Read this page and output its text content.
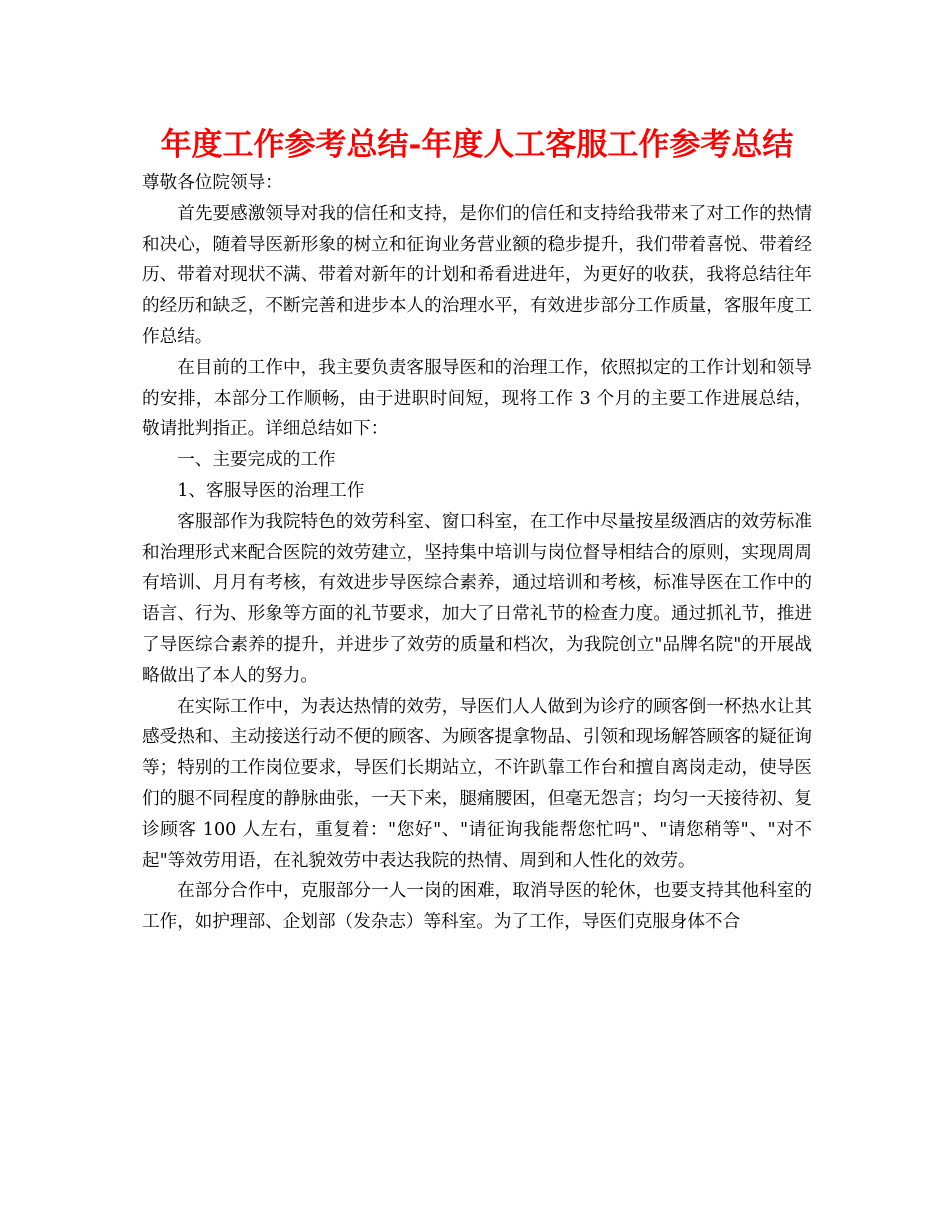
年度工作参考总结-年度人工客服工作参考总结

尊敬各位院领导：

首先要感激领导对我的信任和支持，是你们的信任和支持给我带来了对工作的热情和决心，随着导医新形象的树立和征询业务营业额的稳步提升，我们带着喜悦、带着经历、带着对现状不满、带着对新年的计划和希看进进年，为更好的收获，我将总结往年的经历和缺乏，不断完善和进步本人的治理水平，有效进步部分工作质量，客服年度工作总结。

在目前的工作中，我主要负责客服导医和的治理工作，依照拟定的工作计划和领导的安排，本部分工作顺畅，由于进职时间短，现将工作 3 个月的主要工作进展总结，敬请批判指正。详细总结如下：

一、主要完成的工作

1、客服导医的治理工作

客服部作为我院特色的效劳科室、窗口科室，在工作中尽量按星级酒店的效劳标准和治理形式来配合医院的效劳建立，坚持集中培训与岗位督导相结合的原则，实现周周有培训、月月有考核，有效进步导医综合素养，通过培训和考核，标准导医在工作中的语言、行为、形象等方面的礼节要求，加大了日常礼节的检查力度。通过抓礼节，推进了导医综合素养的提升，并进步了效劳的质量和档次，为我院创立"品牌名院"的开展战略做出了本人的努力。

在实际工作中，为表达热情的效劳，导医们人人做到为诊疗的顾客倒一杯热水让其感受热和、主动接送行动不便的顾客、为顾客提拿物品、引领和现场解答顾客的疑征询等；特别的工作岗位要求，导医们长期站立，不许趴靠工作台和擅自离岗走动，使导医们的腿不同程度的静脉曲张，一天下来，腿痛腰困，但毫无怨言；均匀一天接待初、复诊顾客 100 人左右，重复着："您好"、"请征询我能帮您忙吗"、"请您稍等"、"对不起"等效劳用语，在礼貌效劳中表达我院的热情、周到和人性化的效劳。

在部分合作中，克服部分一人一岗的困难，取消导医的轮休，也要支持其他科室的工作，如护理部、企划部（发杂志）等科室。为了工作，导医们克服身体不合
